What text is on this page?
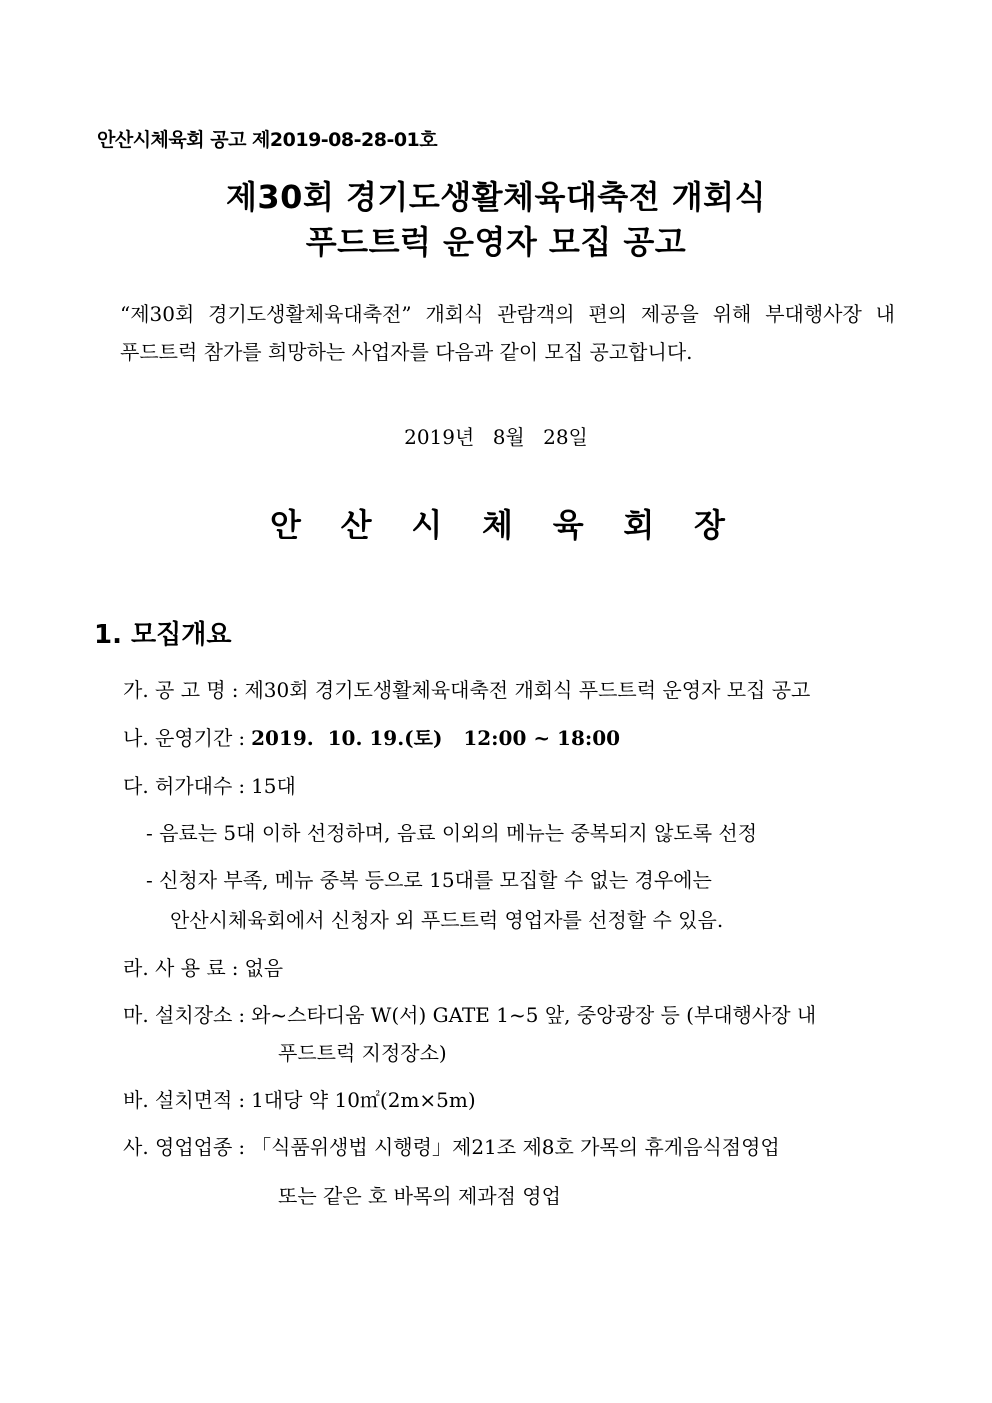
안산시체육회 공고 제2019-08-28-01호
제30회 경기도생활체육대축전 개회식
푸드트럭 운영자 모집 공고
“제30회 경기도생활체육대축전” 개회식 관람객의 편의 제공을 위해 부대행사장 내
푸드트럭 참가를 희망하는 사업자를 다음과 같이 모집 공고합니다.
2019년 8월 28일
안 산 시 체 육 회 장
1. 모집개요
가. 공 고 명 : 제30회 경기도생활체육대축전 개회식 푸드트럭 운영자 모집 공고
나. 운영기간 : 2019.  10. 19.(토)   12:00 ~ 18:00
다. 허가대수 : 15대
- 음료는 5대 이하 선정하며, 음료 이외의 메뉴는 중복되지 않도록 선정
- 신청자 부족, 메뉴 중복 등으로 15대를 모집할 수 없는 경우에는
안산시체육회에서 신청자 외 푸드트럭 영업자를 선정할 수 있음.
라. 사 용 료 : 없음
마. 설치장소 : 와~스타디움 W(서) GATE 1~5 앞, 중앙광장 등 (부대행사장 내
푸드트럭 지정장소)
바. 설치면적 : 1대당 약 10㎡(2m×5m)
사. 영업업종 : 「식품위생법 시행령」제21조 제8호 가목의 휴게음식점영업
또는 같은 호 바목의 제과점 영업
